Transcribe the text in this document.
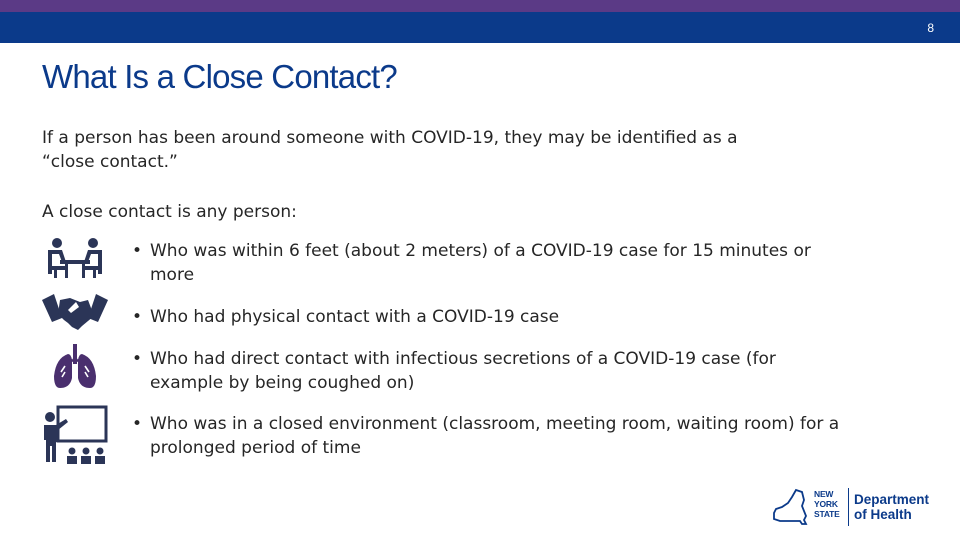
8
What Is a Close Contact?
If a person has been around someone with COVID-19, they may be identified as a “close contact.”
A close contact is any person:
• Who was within 6 feet (about 2 meters) of a COVID-19 case for 15 minutes or more
• Who had physical contact with a COVID-19 case
• Who had direct contact with infectious secretions of a COVID-19 case (for example by being coughed on)
• Who was in a closed environment (classroom, meeting room, waiting room) for a prolonged period of time
NEW
YORK
STATE
Department
of Health
